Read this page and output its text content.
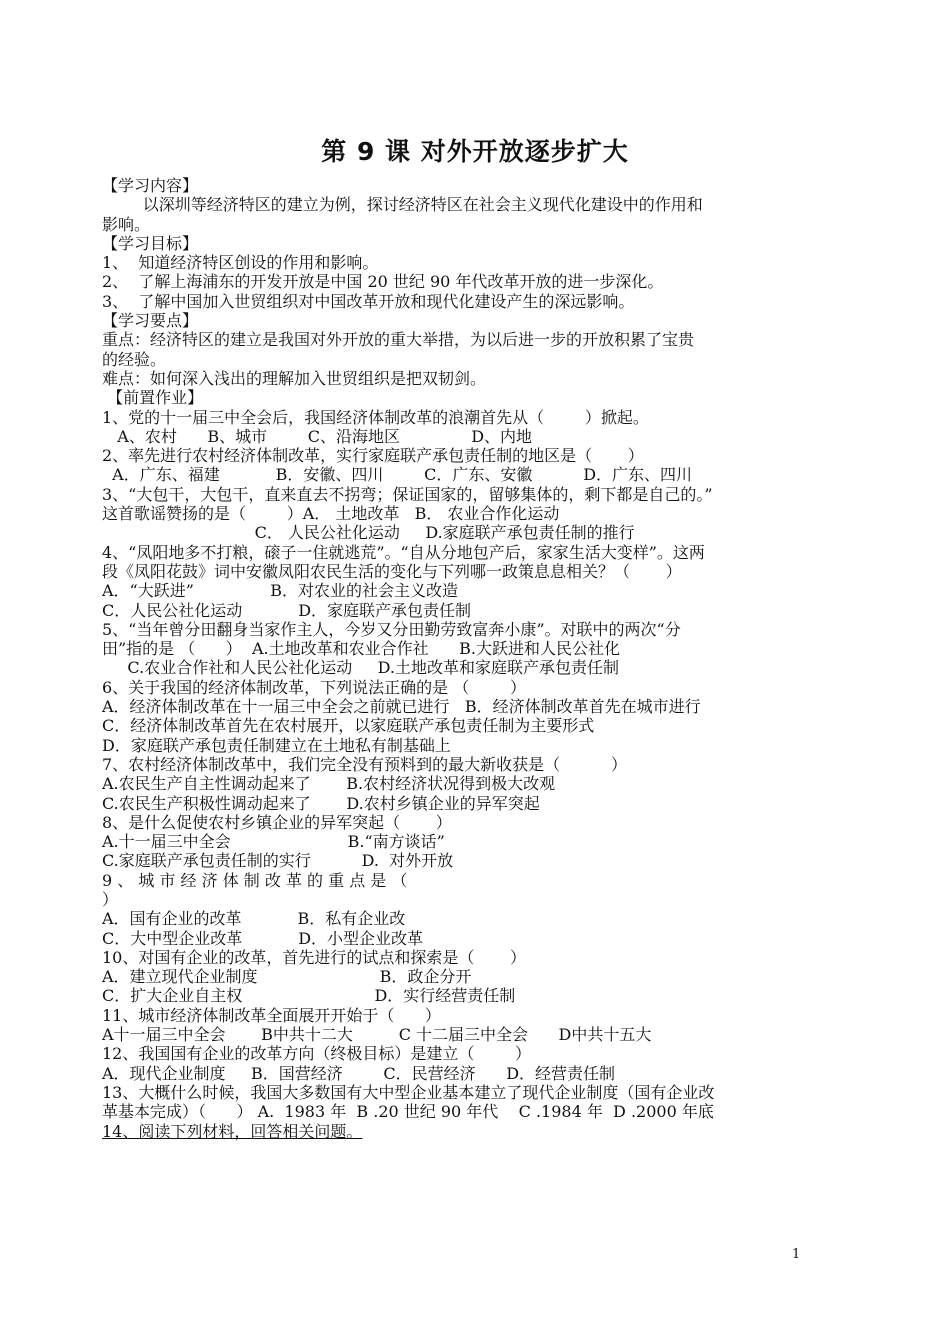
第 9 课 对外开放逐步扩大
【学习内容】
以深圳等经济特区的建立为例，探讨经济特区在社会主义现代化建设中的作用和
影响。
【学习目标】
1、  知道经济特区创设的作用和影响。
2、  了解上海浦东的开发开放是中国 20 世纪 90 年代改革开放的进一步深化。
3、  了解中国加入世贸组织对中国改革开放和现代化建设产生的深远影响。
【学习要点】
重点：经济特区的建立是我国对外开放的重大举措，为以后进一步的开放积累了宝贵
的经验。
难点：如何深入浅出的理解加入世贸组织是把双韧剑。
【前置作业】
1、党的十一届三中全会后，我国经济体制改革的浪潮首先从（        ）掀起。
A、农村      B、城市        C、沿海地区              D、内地
2、率先进行农村经济体制改革，实行家庭联产承包责任制的地区是（       ）
A．广东、福建           B．安徽、四川        C．广东、安徽          D．广东、四川
3、“大包干，大包干，直来直去不拐弯；保证国家的，留够集体的，剩下都是自己的。”
这首歌谣赞扬的是（        ）A． 土地改革   B． 农业合作化运动
C． 人民公社化运动     D.家庭联产承包责任制的推行
4、“凤阳地多不打粮，磙子一住就逃荒”。“自从分地包产后，家家生活大变样”。这两
段《凤阳花鼓》词中安徽凤阳农民生活的变化与下列哪一政策息息相关？（       ）
A．“大跃进”               B．对农业的社会主义改造
C．人民公社化运动           D．家庭联产承包责任制
5、“当年曾分田翻身当家作主人，今岁又分田勤劳致富奔小康”。对联中的两次“分
田”指的是 （      ）  A.土地改革和农业合作社      B.大跃进和人民公社化
C.农业合作社和人民公社化运动     D.土地改革和家庭联产承包责任制
6、关于我国的经济体制改革，下列说法正确的是 （        ）
A．经济体制改革在十一届三中全会之前就已进行   B．经济体制改革首先在城市进行
C．经济体制改革首先在农村展开，以家庭联产承包责任制为主要形式
D．家庭联产承包责任制建立在土地私有制基础上
7、农村经济体制改革中，我们完全没有预料到的最大新收获是（          ）
A.农民生产自主性调动起来了       B.农村经济状况得到极大改观
C.农民生产积极性调动起来了       D.农村乡镇企业的异军突起
8、是什么促使农村乡镇企业的异军突起（       ）
A.十一届三中全会                       B.“南方谈话”
C.家庭联产承包责任制的实行          D.  对外开放
9 、 城 市 经 济 体 制 改 革 的 重 点 是 （
）
A．国有企业的改革           B．私有企业改
C．大中型企业改革           D．小型企业改革
10、对国有企业的改革，首先进行的试点和探索是（       ）
A．建立现代企业制度                        B．政企分开
C．扩大企业自主权                          D．实行经营责任制
11、城市经济体制改革全面展开开始于（      ）
A十一届三中全会       B中共十二大         C 十二届三中全会      D中共十五大
12、我国国有企业的改革方向（终极目标）是建立（        ）
A．现代企业制度     B．国营经济        C．民营经济      D．经营责任制
13、大概什么时候，我国大多数国有大中型企业基本建立了现代企业制度（国有企业改
革基本完成）（      ） A.  1983 年  B .20 世纪 90 年代    C .1984 年  D .2000 年底
14、阅读下列材料，回答相关问题。
1
